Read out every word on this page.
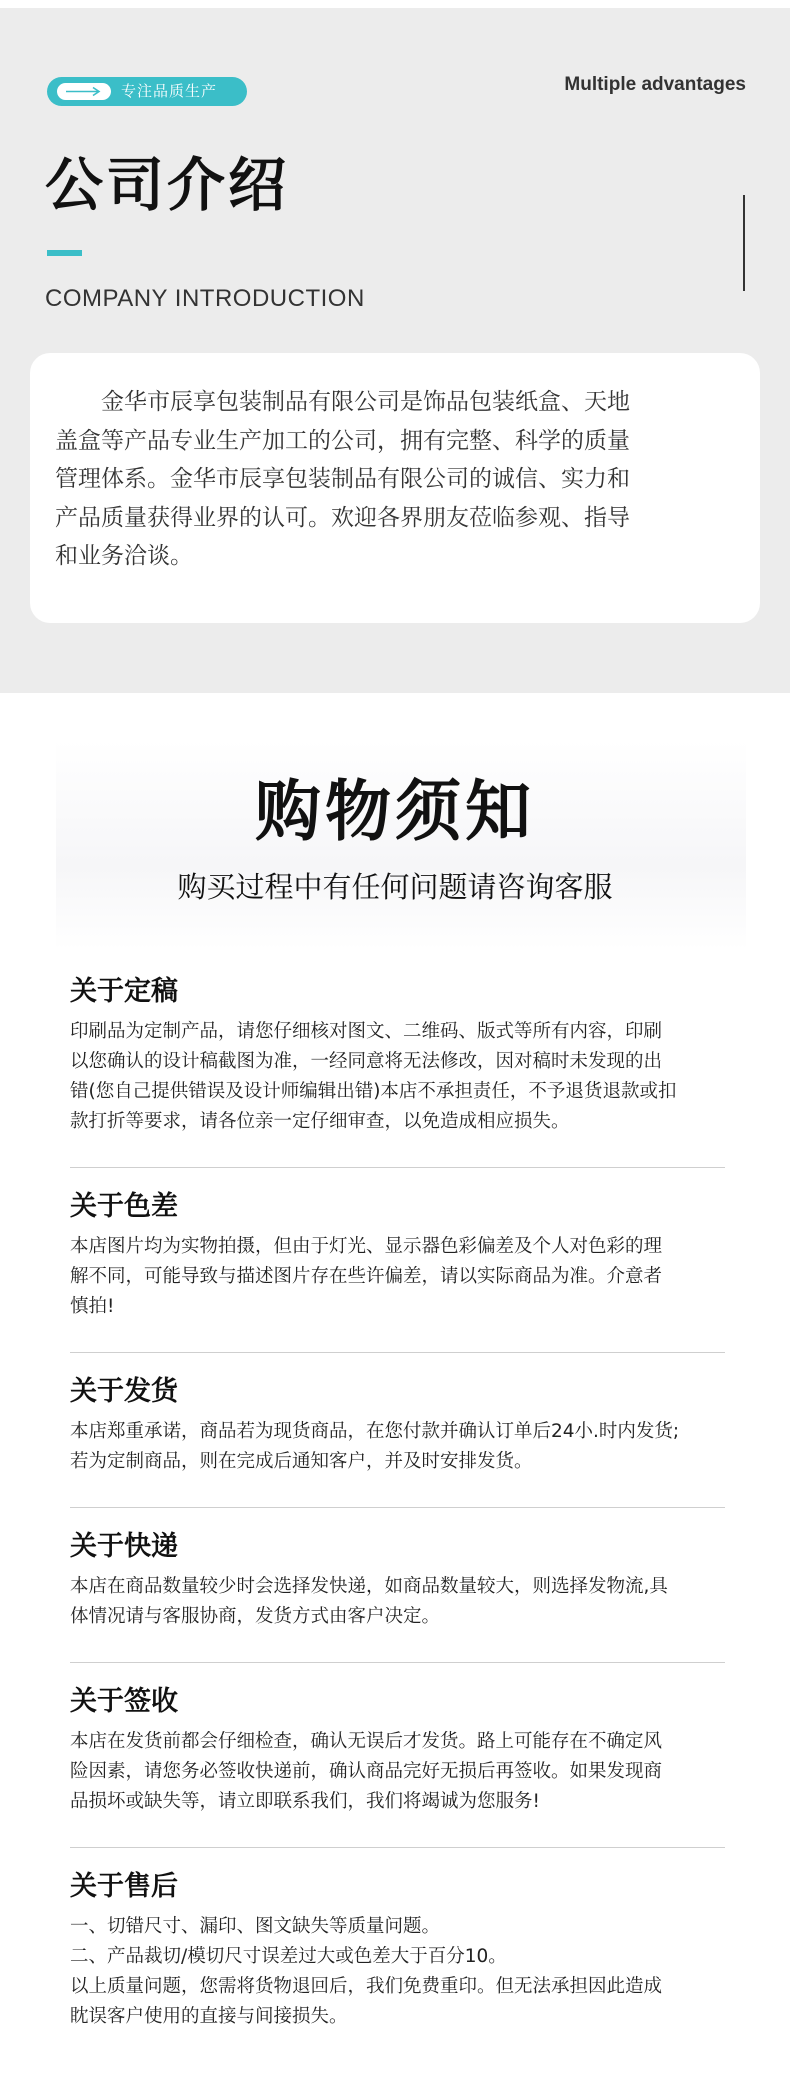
专注品质生产	Multiple advantages
公司介绍
COMPANY INTRODUCTION
金华市辰享包装制品有限公司是饰品包装纸盒、天地
盖盒等产品专业生产加工的公司，拥有完整、科学的质量
管理体系。金华市辰享包装制品有限公司的诚信、实力和
产品质量获得业界的认可。欢迎各界朋友莅临参观、指导
和业务洽谈。
购物须知
购买过程中有任何问题请咨询客服
关于定稿
印刷品为定制产品，请您仔细核对图文、二维码、版式等所有内容，印刷
以您确认的设计稿截图为准，一经同意将无法修改，因对稿时未发现的出
错(您自己提供错误及设计师编辑出错)本店不承担责任，不予退货退款或扣
款打折等要求，请各位亲一定仔细审查，以免造成相应损失。
关于色差
本店图片均为实物拍摄，但由于灯光、显示器色彩偏差及个人对色彩的理
解不同，可能导致与描述图片存在些许偏差，请以实际商品为准。介意者
慎拍!
关于发货
本店郑重承诺，商品若为现货商品，在您付款并确认订单后24小.时内发货;
若为定制商品，则在完成后通知客户，并及时安排发货。
关于快递
本店在商品数量较少时会选择发快递，如商品数量较大，则选择发物流,具
体情况请与客服协商，发货方式由客户决定。
关于签收
本店在发货前都会仔细检查，确认无误后才发货。路上可能存在不确定风
险因素，请您务必签收快递前，确认商品完好无损后再签收。如果发现商
品损坏或缺失等，请立即联系我们，我们将竭诚为您服务!
关于售后
一、切错尺寸、漏印、图文缺失等质量问题。
二、产品裁切/模切尺寸误差过大或色差大于百分10。
以上质量问题，您需将货物退回后，我们免费重印。但无法承担因此造成
眈误客户使用的直接与间接损失。
